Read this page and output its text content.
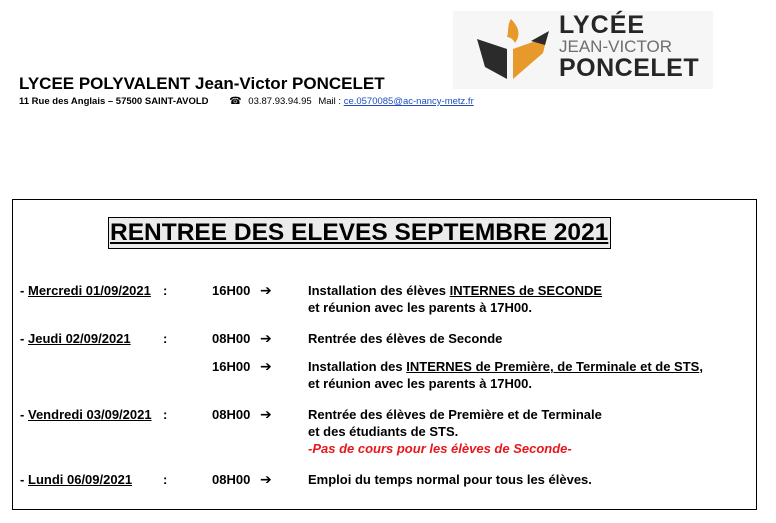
LYCÉE
JEAN-VICTOR
PONCELET
LYCEE POLYVALENT Jean-Victor PONCELET
11 Rue des Anglais – 57500 SAINT-AVOLD ☎ 03.87.93.94.95 Mail : ce.0570085@ac-nancy-metz.fr
RENTREE DES ELEVES SEPTEMBRE 2021
- Mercredi 01/09/2021 :	16H00 ➔	Installation des élèves INTERNES de SECONDE
et réunion avec les parents à 17H00.
- Jeudi 02/09/2021 :	08H00 ➔	Rentrée des élèves de Seconde
16H00 ➔	Installation des INTERNES de Première, de Terminale et de STS,
et réunion avec les parents à 17H00.
- Vendredi 03/09/2021 :	08H00 ➔	Rentrée des élèves de Première et de Terminale
et des étudiants de STS.
-Pas de cours pour les élèves de Seconde-
- Lundi 06/09/2021 :	08H00 ➔	Emploi du temps normal pour tous les élèves.
